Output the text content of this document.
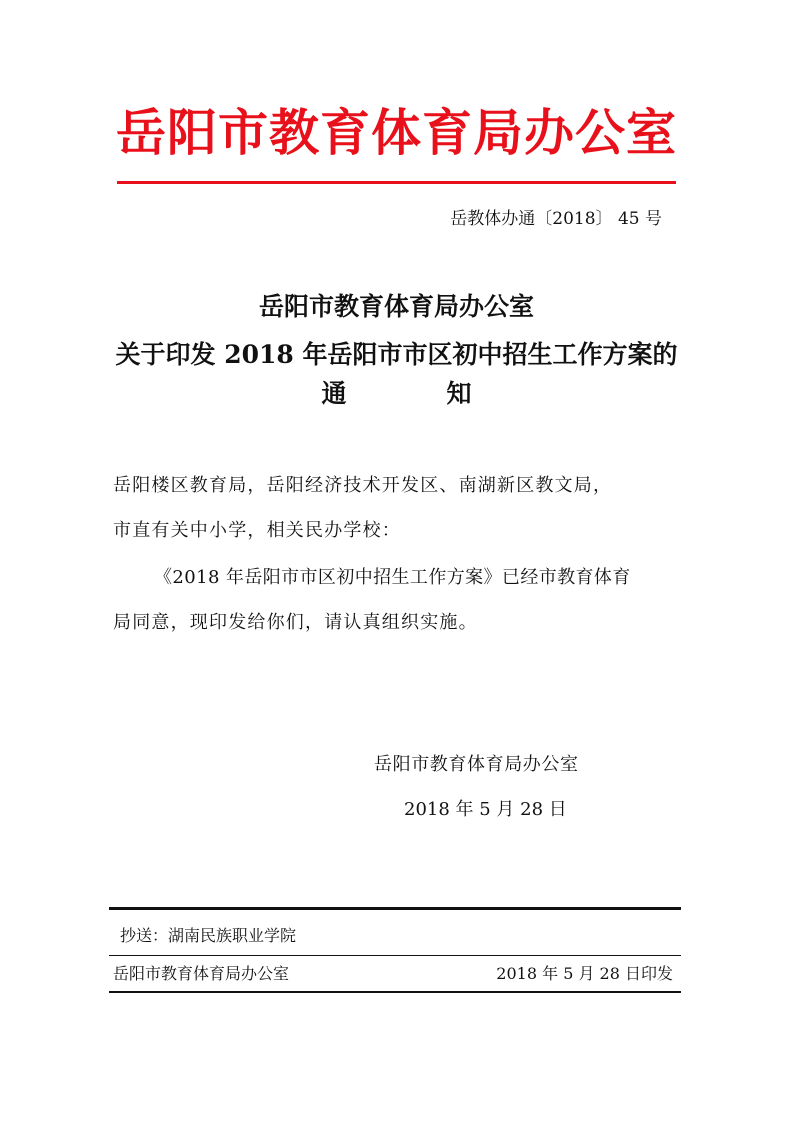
岳阳市教育体育局办公室
岳教体办通〔2018〕 45 号
岳阳市教育体育局办公室
关于印发 2018 年岳阳市市区初中招生工作方案的
通	知
岳阳楼区教育局，岳阳经济技术开发区、南湖新区教文局，
市直有关中小学，相关民办学校：
《2018 年岳阳市市区初中招生工作方案》已经市教育体育
局同意，现印发给你们，请认真组织实施。
岳阳市教育体育局办公室
2018 年 5 月 28 日
抄送：湖南民族职业学院
岳阳市教育体育局办公室	2018 年 5 月 28 日印发
